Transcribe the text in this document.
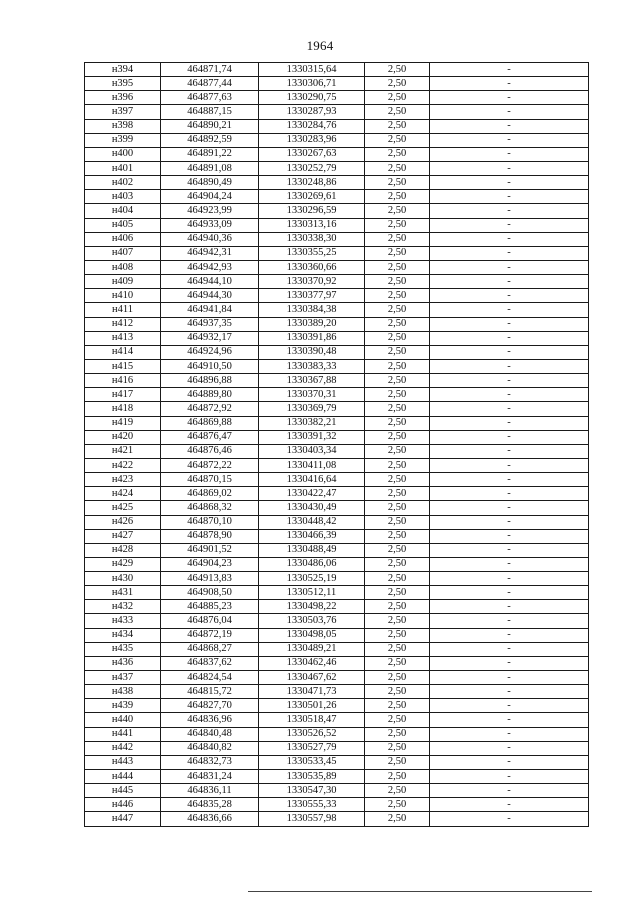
1964
н394	464871,74	1330315,64	2,50	-
н395	464877,44	1330306,71	2,50	-
н396	464877,63	1330290,75	2,50	-
н397	464887,15	1330287,93	2,50	-
н398	464890,21	1330284,76	2,50	-
н399	464892,59	1330283,96	2,50	-
н400	464891,22	1330267,63	2,50	-
н401	464891,08	1330252,79	2,50	-
н402	464890,49	1330248,86	2,50	-
н403	464904,24	1330269,61	2,50	-
н404	464923,99	1330296,59	2,50	-
н405	464933,09	1330313,16	2,50	-
н406	464940,36	1330338,30	2,50	-
н407	464942,31	1330355,25	2,50	-
н408	464942,93	1330360,66	2,50	-
н409	464944,10	1330370,92	2,50	-
н410	464944,30	1330377,97	2,50	-
н411	464941,84	1330384,38	2,50	-
н412	464937,35	1330389,20	2,50	-
н413	464932,17	1330391,86	2,50	-
н414	464924,96	1330390,48	2,50	-
н415	464910,50	1330383,33	2,50	-
н416	464896,88	1330367,88	2,50	-
н417	464889,80	1330370,31	2,50	-
н418	464872,92	1330369,79	2,50	-
н419	464869,88	1330382,21	2,50	-
н420	464876,47	1330391,32	2,50	-
н421	464876,46	1330403,34	2,50	-
н422	464872,22	1330411,08	2,50	-
н423	464870,15	1330416,64	2,50	-
н424	464869,02	1330422,47	2,50	-
н425	464868,32	1330430,49	2,50	-
н426	464870,10	1330448,42	2,50	-
н427	464878,90	1330466,39	2,50	-
н428	464901,52	1330488,49	2,50	-
н429	464904,23	1330486,06	2,50	-
н430	464913,83	1330525,19	2,50	-
н431	464908,50	1330512,11	2,50	-
н432	464885,23	1330498,22	2,50	-
н433	464876,04	1330503,76	2,50	-
н434	464872,19	1330498,05	2,50	-
н435	464868,27	1330489,21	2,50	-
н436	464837,62	1330462,46	2,50	-
н437	464824,54	1330467,62	2,50	-
н438	464815,72	1330471,73	2,50	-
н439	464827,70	1330501,26	2,50	-
н440	464836,96	1330518,47	2,50	-
н441	464840,48	1330526,52	2,50	-
н442	464840,82	1330527,79	2,50	-
н443	464832,73	1330533,45	2,50	-
н444	464831,24	1330535,89	2,50	-
н445	464836,11	1330547,30	2,50	-
н446	464835,28	1330555,33	2,50	-
н447	464836,66	1330557,98	2,50	-
